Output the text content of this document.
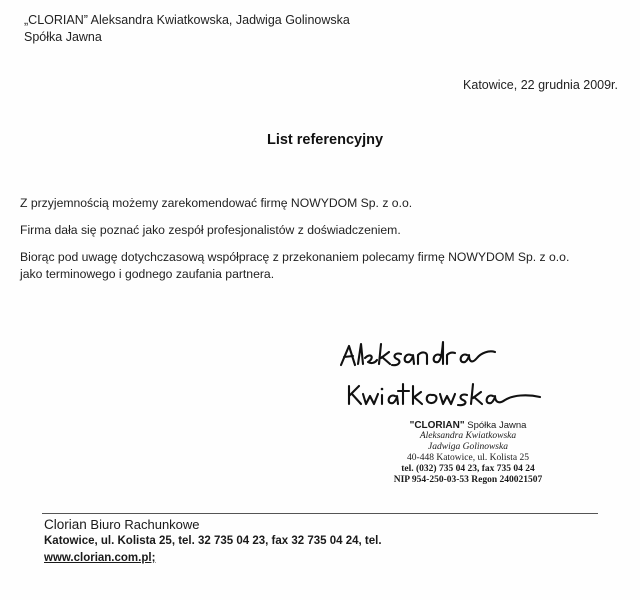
„CLORIAN” Aleksandra Kwiatkowska, Jadwiga Golinowska
Spółka Jawna
Katowice, 22 grudnia 2009r.
List referencyjny

Z przyjemnością możemy zarekomendować firmę NOWYDOM Sp. z o.o.

Firma dała się poznać jako zespół profesjonalistów z doświadczeniem.

Biorąc pod uwagę dotychczasową współpracę z przekonaniem polecamy firmę NOWYDOM Sp. z o.o.

jako terminowego i godnego zaufania partnera.

"CLORIAN" Spółka Jawna
Aleksandra Kwiatkowska
Jadwiga Golinowska
40-448 Katowice, ul. Kolista 25
tel. (032) 735 04 23, fax 735 04 24
NIP 954-250-03-53 Regon 240021507
Clorian Biuro Rachunkowe
Katowice, ul. Kolista 25, tel. 32 735 04 23, fax 32 735 04 24, tel.
www.clorian.com.pl;
